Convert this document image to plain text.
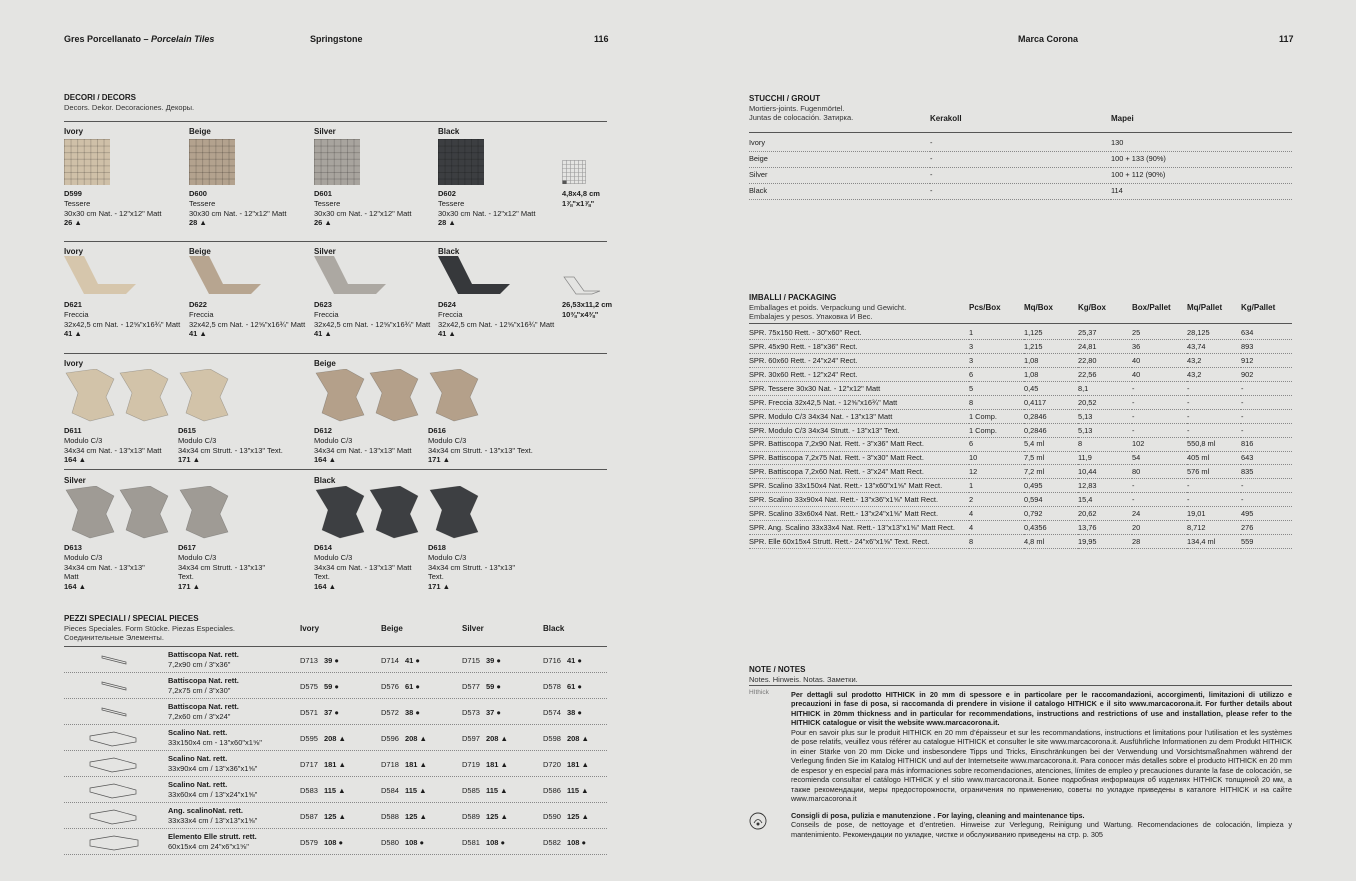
Gres Porcellanato – Porcelain Tiles	Springstone	116	Marca Corona	117
DECORI / DECORS
Decors. Dekor. Decoraciones. Декоры.
Ivory
D599
Tessere
30x30 cm Nat. - 12"x12" Matt
26 ▲
Beige
D600
Tessere
30x30 cm Nat. - 12"x12" Matt
28 ▲
Silver
D601
Tessere
30x30 cm Nat. - 12"x12" Matt
26 ▲
Black
D602
Tessere
30x30 cm Nat. - 12"x12" Matt
28 ▲
4,8x4,8 cm
1⅞"x1⅞"
Ivory
D621
Freccia
32x42,5 cm Nat. - 12⅝"x16¾" Matt
41 ▲
Beige
D622
Freccia
32x42,5 cm Nat. - 12⅝"x16¾" Matt
41 ▲
Silver
D623
Freccia
32x42,5 cm Nat. - 12⅝"x16¾" Matt
41 ▲
Black
D624
Freccia
32x42,5 cm Nat. - 12⅝"x16¾" Matt
41 ▲
26,53x11,2 cm
10⅜"x4⅜"
Ivory
D611
Modulo C/3
34x34 cm Nat. - 13"x13" Matt
164 ▲
D615
Modulo C/3
34x34 cm Strutt. - 13"x13" Text.
171 ▲
Beige
D612
Modulo C/3
34x34 cm Nat. - 13"x13" Matt
164 ▲
D616
Modulo C/3
34x34 cm Strutt. - 13"x13" Text.
171 ▲
Silver
D613
Modulo C/3
34x34 cm Nat. - 13"x13"
Matt
164 ▲
D617
Modulo C/3
34x34 cm Strutt. - 13"x13"
Text.
171 ▲
Black
D614
Modulo C/3
34x34 cm Nat. - 13"x13" Matt
Text.
164 ▲
D618
Modulo C/3
34x34 cm Strutt. - 13"x13"
Text.
171 ▲
PEZZI SPECIALI / SPECIAL PIECES
Pieces Speciales. Form Stücke. Piezas Especiales.
Соединительные Элементы.
Ivory	Beige	Silver	Black
Battiscopa Nat. rett.
7,2x90 cm / 3"x36"	D713 39 ●	D714 41 ●	D715 39 ●	D716 41 ●
Battiscopa Nat. rett.
7,2x75 cm / 3"x30"	D575 59 ●	D576 61 ●	D577 59 ●	D578 61 ●
Battiscopa Nat. rett.
7,2x60 cm / 3"x24"	D571 37 ●	D572 38 ●	D573 37 ●	D574 38 ●
Scalino Nat. rett.
33x150x4 cm - 13"x60"x1⅝"	D595 208 ▲	D596 208 ▲	D597 208 ▲	D598 208 ▲
Scalino Nat. rett.
33x90x4 cm / 13"x36"x1⅝"	D717 181 ▲	D718 181 ▲	D719 181 ▲	D720 181 ▲
Scalino Nat. rett.
33x60x4 cm / 13"x24"x1⅝"	D583 115 ▲	D584 115 ▲	D585 115 ▲	D586 115 ▲
Ang. scalinoNat. rett.
33x33x4 cm / 13"x13"x1⅝"	D587 125 ▲	D588 125 ▲	D589 125 ▲	D590 125 ▲
Elemento Elle strutt. rett.
60x15x4 cm 24"x6"x1⅝"	D579 108 ●	D580 108 ●	D581 108 ●	D582 108 ●
STUCCHI / GROUT
Mortiers-joints. Fugenmörtel.
Juntas de colocación. Затирка.	Kerakoll	Mapei
Ivory	-	130
Beige	-	100 + 133 (90%)
Silver	-	100 + 112 (90%)
Black	-	114
IMBALLI / PACKAGING
Emballages et poids. Verpackung und Gewicht.
Embalajes y pesos. Упаковка И Вес.
Pcs/Box	Mq/Box	Kg/Box	Box/Pallet Mq/Pallet Kg/Pallet
SPR. 75x150 Rett. - 30"x60" Rect.	1	1,125	25,37	25	28,125	634
SPR. 45x90 Rett. - 18"x36" Rect.	3	1,215	24,81	36	43,74	893
SPR. 60x60 Rett. - 24"x24" Rect.	3	1,08	22,80	40	43,2	912
SPR. 30x60 Rett. - 12"x24" Rect.	6	1,08	22,56	40	43,2	902
SPR. Tessere 30x30 Nat. - 12"x12" Matt	5	0,45	8,1	-	-	-
SPR. Freccia 32x42,5 Nat. - 12⅝"x16¾" Matt	8	0,4117	20,52	-	-	-
SPR. Modulo C/3 34x34 Nat. - 13"x13" Matt	1 Comp.	0,2846	5,13	-	-	-
SPR. Modulo C/3 34x34 Strutt. - 13"x13" Text.	1 Comp.	0,2846	5,13	-	-	-
SPR. Battiscopa 7,2x90 Nat. Rett. - 3"x36" Matt Rect.	6	5,4 ml	8	102	550,8 ml	816
SPR. Battiscopa 7,2x75 Nat. Rett. - 3"x30" Matt Rect.	10	7,5 ml	11,9	54	405 ml	643
SPR. Battiscopa 7,2x60 Nat. Rett. - 3"x24" Matt Rect.	12	7,2 ml	10,44	80	576 ml	835
SPR. Scalino 33x150x4 Nat. Rett.- 13"x60"x1⅝" Matt Rect.	1	0,495	12,83	-	-	-
SPR. Scalino 33x90x4 Nat. Rett.- 13"x36"x1⅝" Matt Rect.	2	0,594	15,4	-	-	-
SPR. Scalino 33x60x4 Nat. Rett.- 13"x24"x1⅝" Matt Rect.	4	0,792	20,62	24	19,01	495
SPR. Ang. Scalino 33x33x4 Nat. Rett.- 13"x13"x1⅝" Matt Rect.	4	0,4356	13,76	20	8,712	276
SPR. Elle 60x15x4 Strutt. Rett.- 24"x6"x1⅝" Text. Rect.	8	4,8 ml	19,95	28	134,4 ml	559
NOTE / NOTES
Notes. Hinweis. Notas. Заметки.
HIthick	Per dettagli sul prodotto HITHICK in 20 mm di spessore e in particolare per le raccomandazioni, accorgimenti, limitazioni di utilizzo e precauzioni in fase di posa, si raccomanda di prendere in visione il catalogo HITHICK e il sito www.marcacorona.it. For further details about HITHICK in 20mm thickness and in particular for recommendations, instructions and restrictions of use and installation, please refer to the HITHICK catalogue or visit the website www.marcacorona.it.
Pour en savoir plus sur le produit HITHICK en 20 mm d’épaisseur et sur les recommandations, instructions et limitations pour l’utilisation et les systèmes de pose relatifs, veuillez vous référer au catalogue HITHICK et consulter le site www.marcacorona.it. Ausführliche Informationen zu dem Produkt HITHICK in einer Stärke von 20 mm Dicke und insbesondere Tipps und Tricks, Einschränkungen bei der Verwendung und Vorsichtsmaßnahmen während der Verlegung finden Sie im Katalog HITHICK und auf der Internetseite www.marcacorona.it. Para conocer más detalles sobre el producto HITHICK en 20 mm de espesor y en especial para más informaciones sobre recomendaciones, atenciones, límites de empleo y precauciones durante la fase de colocación, se recomienda consultar el catálogo HITHICK y el sitio www.marcacorona.it. Более подробная информация об изделиях HITHICK толщиной 20 мм, а также рекомендации, меры предосторожности, ограничения по применению, советы по укладке приведены в каталоге HITHICK и на сайте www.marcacorona.it
Consigli di posa, pulizia e manutenzione . For laying, cleaning and maintenance tips.
Conseils de pose, de nettoyage et d’entretien. Hinweise zur Verlegung, Reinigung und Wartung. Recomendaciones de colocación, limpieza y mantenimiento. Рекомендации по укладке, чистке и обслуживанию приведены на стр. р. 305
